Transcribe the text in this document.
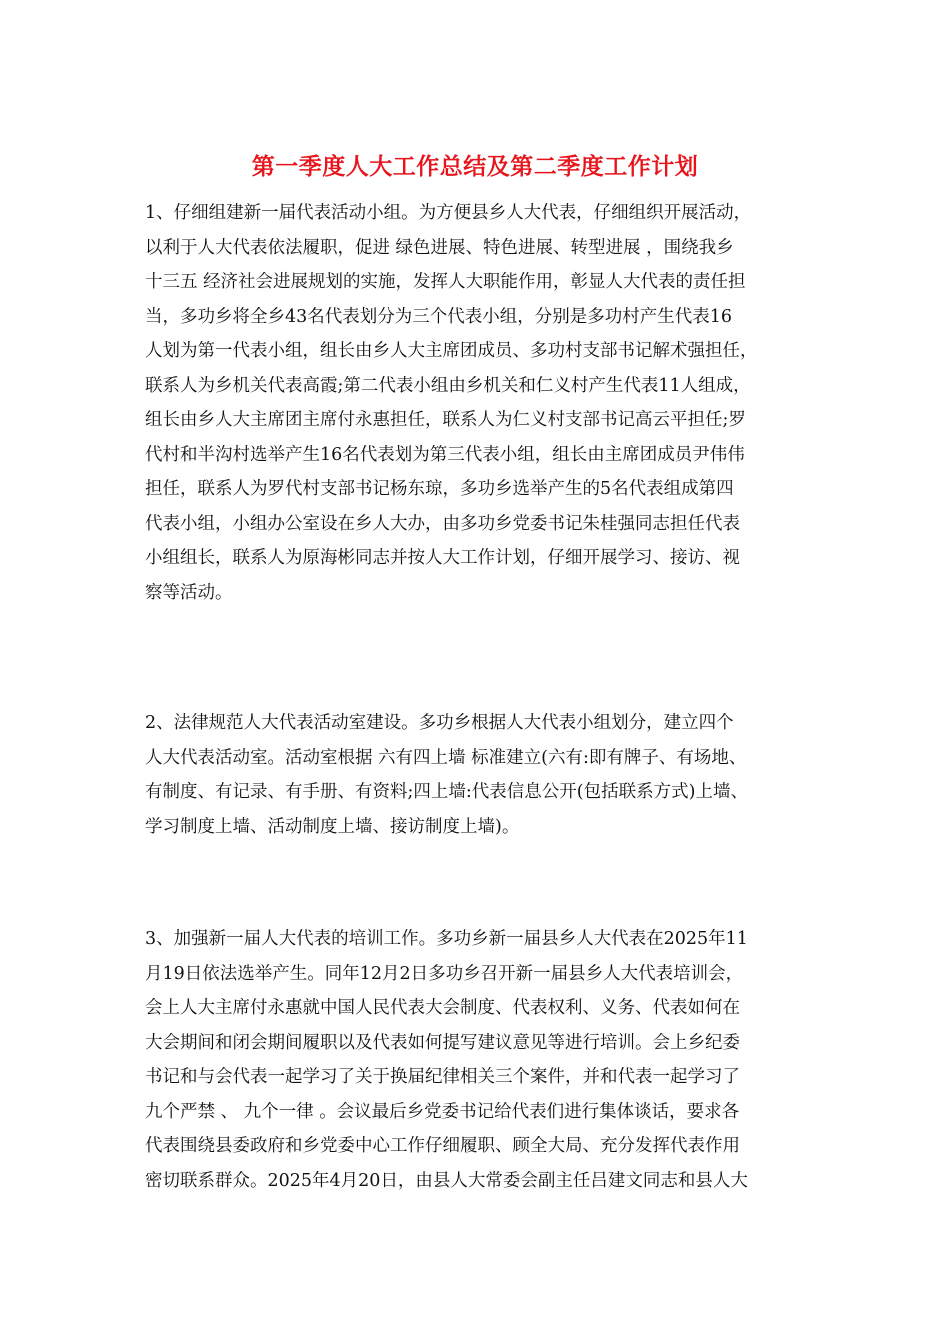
第一季度人大工作总结及第二季度工作计划
1、仔细组建新一届代表活动小组。为方便县乡人大代表，仔细组织开展活动，
以利于人大代表依法履职，促进 绿色进展、特色进展、转型进展 ，围绕我乡
十三五 经济社会进展规划的实施，发挥人大职能作用，彰显人大代表的责任担
当，多功乡将全乡43名代表划分为三个代表小组，分别是多功村产生代表16
人划为第一代表小组，组长由乡人大主席团成员、多功村支部书记解术强担任，
联系人为乡机关代表高霞;第二代表小组由乡机关和仁义村产生代表11人组成，
组长由乡人大主席团主席付永惠担任，联系人为仁义村支部书记高云平担任;罗
代村和半沟村选举产生16名代表划为第三代表小组，组长由主席团成员尹伟伟
担任，联系人为罗代村支部书记杨东琼，多功乡选举产生的5名代表组成第四
代表小组，小组办公室设在乡人大办，由多功乡党委书记朱桂强同志担任代表
小组组长，联系人为原海彬同志并按人大工作计划，仔细开展学习、接访、视
察等活动。
2、法律规范人大代表活动室建设。多功乡根据人大代表小组划分，建立四个
人大代表活动室。活动室根据 六有四上墙 标准建立(六有:即有牌子、有场地、
有制度、有记录、有手册、有资料;四上墙:代表信息公开(包括联系方式)上墙、
学习制度上墙、活动制度上墙、接访制度上墙)。
3、加强新一届人大代表的培训工作。多功乡新一届县乡人大代表在2025年11
月19日依法选举产生。同年12月2日多功乡召开新一届县乡人大代表培训会，
会上人大主席付永惠就中国人民代表大会制度、代表权利、义务、代表如何在
大会期间和闭会期间履职以及代表如何提写建议意见等进行培训。会上乡纪委
书记和与会代表一起学习了关于换届纪律相关三个案件，并和代表一起学习了
九个严禁 、 九个一律 。会议最后乡党委书记给代表们进行集体谈话，要求各
代表围绕县委政府和乡党委中心工作仔细履职、顾全大局、充分发挥代表作用
密切联系群众。2025年4月20日，由县人大常委会副主任吕建文同志和县人大
